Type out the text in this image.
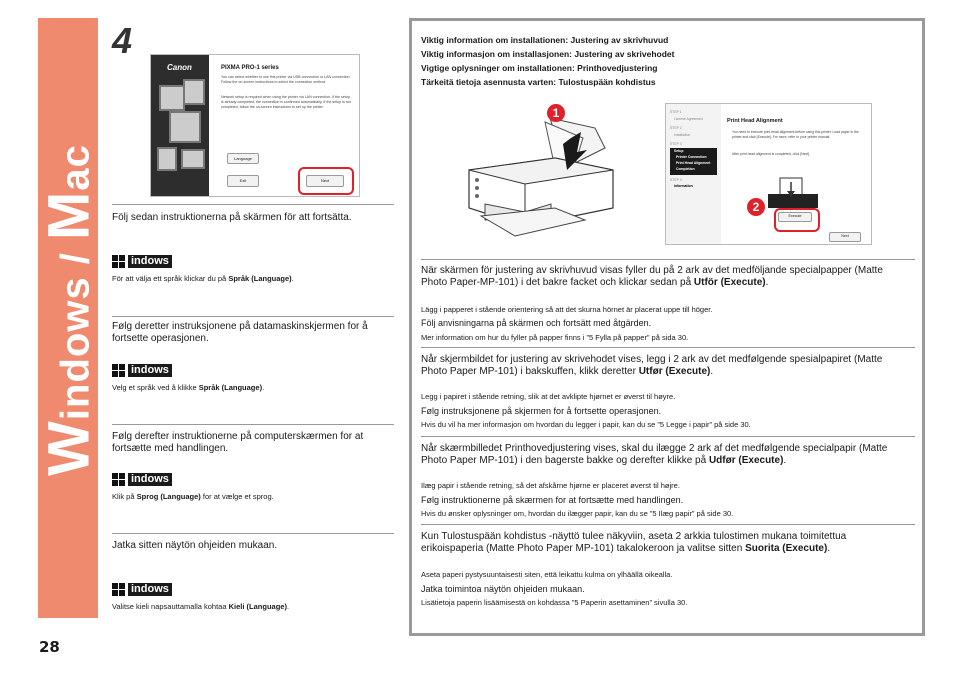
Windows / Mac
28
4
Canon	PIXMA PRO-1 series
You can select whether to use this printer via USB connection or LAN connection. Follow the on-screen instructions to select the connection method.
Network setup is required when using the printer via LAN connection. If the setup is already completed, the connection is confirmed automatically. If the setup is not completed, follow the on-screen instructions to set up the printer.
Language
Exit	Next
Följ sedan instruktionerna på skärmen för att fortsätta.
indows
För att välja ett språk klickar du på Språk (Language).
Følg deretter instruksjonene på datamaskinskjermen for å fortsette operasjonen.
indows
Velg et språk ved å klikke Språk (Language).
Følg derefter instruktionerne på computerskærmen for at fortsætte med handlingen.
indows
Klik på Sprog (Language) for at vælge et sprog.
Jatka sitten näytön ohjeiden mukaan.
indows
Valitse kieli napsauttamalla kohtaa Kieli (Language).
Viktig information om installationen: Justering av skrivhuvud
Viktig informasjon om installasjonen: Justering av skrivehodet
Vigtige oplysninger om installationen: Printhovedjustering
Tärkeitä tietoja asennusta varten: Tulostuspään kohdistus
1	STEP 1
License Agreement
STEP 2
Installation
STEP 3
Setup
Printer Connection
Print Head Alignment
Completion
STEP 4
Information
Print Head Alignment
You need to execute print head alignment before using this printer. Load paper in the printer and click [Execute]. For more, refer to your printer manual.
After print head alignment is completed, click [Next].
Execute
Next
2
När skärmen för justering av skrivhuvud visas fyller du på 2 ark av det medföljande specialpapper (Matte Photo Paper-MP-101) i det bakre facket och klickar sedan på Utför (Execute).
Lägg i papperet i stående orientering så att det skurna hörnet är placerat uppe till höger.
Följ anvisningarna på skärmen och fortsätt med åtgärden.
Mer information om hur du fyller på papper finns i ”5 Fylla på papper” på sida 30.
Når skjermbildet for justering av skrivehodet vises, legg i 2 ark av det medfølgende spesialpapiret (Matte Photo Paper MP-101) i bakskuffen, klikk deretter Utfør (Execute).
Legg i papiret i stående retning, slik at det avklipte hjørnet er øverst til høyre.
Følg instruksjonene på skjermen for å fortsette operasjonen.
Hvis du vil ha mer informasjon om hvordan du legger i papir, kan du se ”5 Legge i papir” på side 30.
Når skærmbilledet Printhovedjustering vises, skal du ilægge 2 ark af det medfølgende specialpapir (Matte Photo Paper MP-101) i den bagerste bakke og derefter klikke på Udfør (Execute).
Ilæg papir i stående retning, så det afskårne hjørne er placeret øverst til højre.
Følg instruktionerne på skærmen for at fortsætte med handlingen.
Hvis du ønsker oplysninger om, hvordan du ilægger papir, kan du se ”5 Ilæg papir” på side 30.
Kun Tulostuspään kohdistus -näyttö tulee näkyviin, aseta 2 arkkia tulostimen mukana toimitettua erikoispaperia (Matte Photo Paper MP-101) takalokeroon ja valitse sitten Suorita (Execute).
Aseta paperi pystysuuntaisesti siten, että leikattu kulma on ylhäällä oikealla.
Jatka toimintoa näytön ohjeiden mukaan.
Lisätietoja paperin lisäämisestä on kohdassa ”5 Paperin asettaminen” sivulla 30.
